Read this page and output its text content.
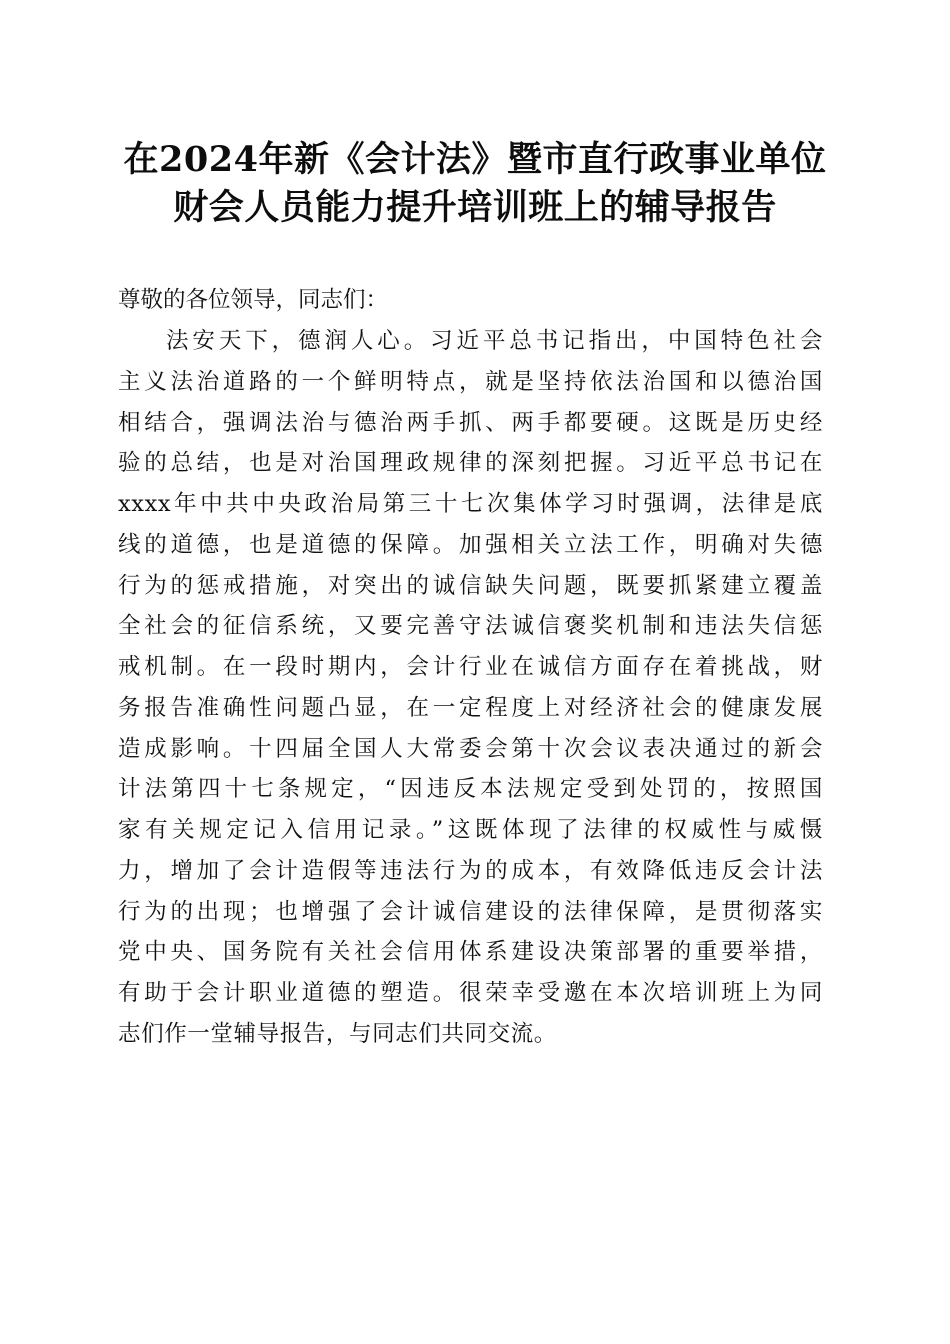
在2024年新《会计法》暨市直行政事业单位
财会人员能力提升培训班上的辅导报告
尊敬的各位领导，同志们：
法安天下，德润人心。习近平总书记指出，中国特色社会
主义法治道路的一个鲜明特点，就是坚持依法治国和以德治国
相结合，强调法治与德治两手抓、两手都要硬。这既是历史经
验的总结，也是对治国理政规律的深刻把握。习近平总书记在
xxxx年中共中央政治局第三十七次集体学习时强调，法律是底
线的道德，也是道德的保障。加强相关立法工作，明确对失德
行为的惩戒措施，对突出的诚信缺失问题，既要抓紧建立覆盖
全社会的征信系统，又要完善守法诚信褒奖机制和违法失信惩
戒机制。在一段时期内，会计行业在诚信方面存在着挑战，财
务报告准确性问题凸显，在一定程度上对经济社会的健康发展
造成影响。十四届全国人大常委会第十次会议表决通过的新会
计法第四十七条规定，“因违反本法规定受到处罚的，按照国
家有关规定记入信用记录。”这既体现了法律的权威性与威慑
力，增加了会计造假等违法行为的成本，有效降低违反会计法
行为的出现；也增强了会计诚信建设的法律保障，是贯彻落实
党中央、国务院有关社会信用体系建设决策部署的重要举措，
有助于会计职业道德的塑造。很荣幸受邀在本次培训班上为同
志们作一堂辅导报告，与同志们共同交流。
